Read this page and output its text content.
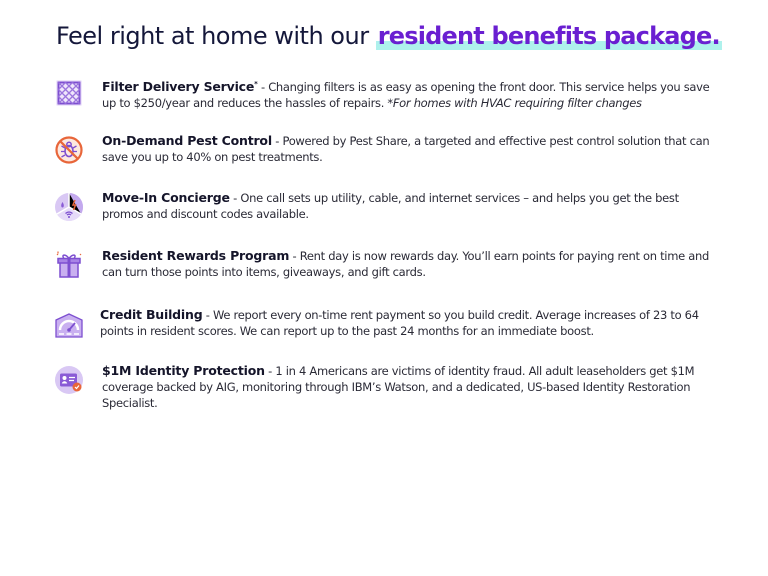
Feel right at home with our resident benefits package.
Filter Delivery Service* - Changing filters is as easy as opening the front door. This service helps you save up to $250/year and reduces the hassles of repairs. *For homes with HVAC requiring filter changes
On-Demand Pest Control - Powered by Pest Share, a targeted and effective pest control solution that can save you up to 40% on pest treatments.
Move-In Concierge - One call sets up utility, cable, and internet services – and helps you get the best promos and discount codes available.
Resident Rewards Program - Rent day is now rewards day. You’ll earn points for paying rent on time and can turn those points into items, giveaways, and gift cards.
Credit Building - We report every on-time rent payment so you build credit. Average increases of 23 to 64 points in resident scores. We can report up to the past 24 months for an immediate boost.
$1M Identity Protection - 1 in 4 Americans are victims of identity fraud. All adult leaseholders get $1M coverage backed by AIG, monitoring through IBM’s Watson, and a dedicated, US-based Identity Restoration Specialist.
